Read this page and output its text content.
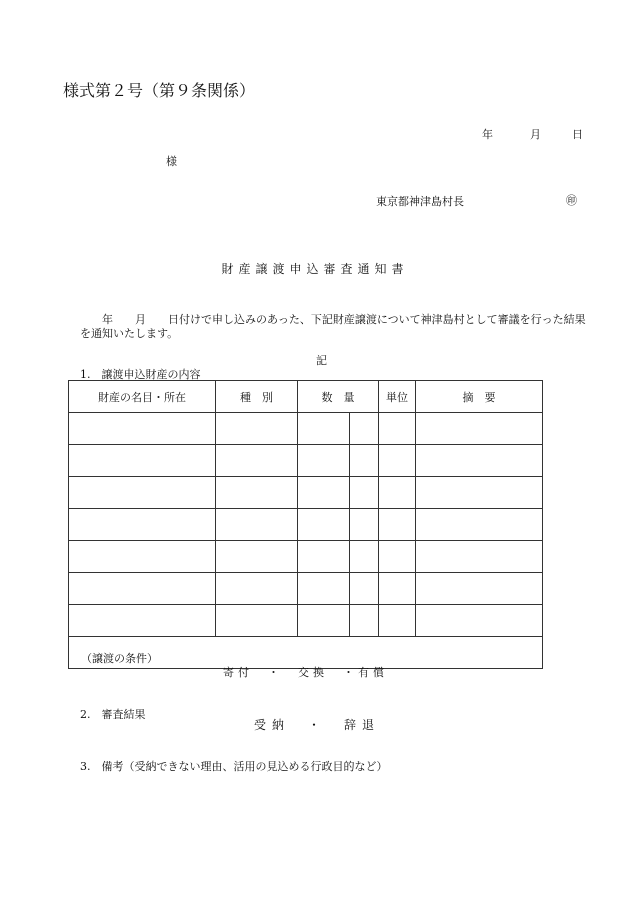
様式第２号（第９条関係）
年	月	日
様
東京都神津島村長	㊞
財産譲渡申込審査通知書
　　年　　月　　日付けで申し込みのあった、下記財産譲渡について神津島村として審議を行った結果を通知いたします。
記
1.　譲渡申込財産の内容
財産の名目・所在	種　別	数　量		単位	摘　要

（譲渡の条件）
寄付　・　交換　・有償					
2.　審査結果
受納　・　辞退
3.　備考（受納できない理由、活用の見込める行政目的など）
